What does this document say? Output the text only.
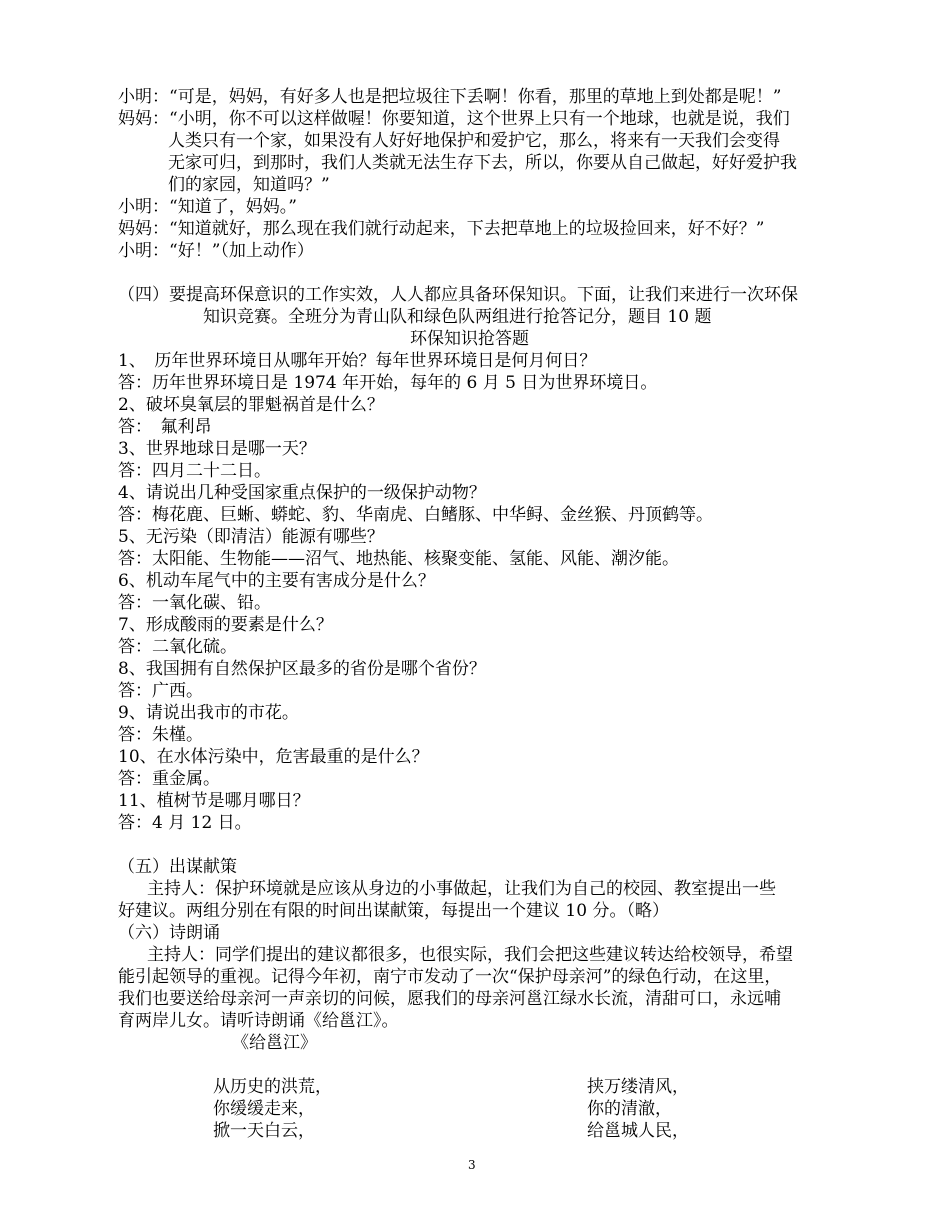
小明：“可是，妈妈，有好多人也是把垃圾往下丢啊！你看，那里的草地上到处都是呢！”
妈妈：“小明，你不可以这样做喔！你要知道，这个世界上只有一个地球，也就是说，我们
人类只有一个家，如果没有人好好地保护和爱护它，那么，将来有一天我们会变得
无家可归，到那时，我们人类就无法生存下去，所以，你要从自己做起，好好爱护我
们的家园，知道吗？”
小明：“知道了，妈妈。”
妈妈：“知道就好，那么现在我们就行动起来，下去把草地上的垃圾捡回来，好不好？”
小明：“好！”（加上动作）
（四）要提高环保意识的工作实效，人人都应具备环保知识。下面，让我们来进行一次环保
知识竞赛。全班分为青山队和绿色队两组进行抢答记分，题目 10 题
环保知识抢答题
1、　历年世界环境日从哪年开始？每年世界环境日是何月何日？
答：历年世界环境日是 1974 年开始，每年的 6 月 5 日为世界环境日。
2、破坏臭氧层的罪魁祸首是什么？
答：　氟利昂
3、世界地球日是哪一天？
答：四月二十二日。
4、请说出几种受国家重点保护的一级保护动物？
答：梅花鹿、巨蜥、蟒蛇、豹、华南虎、白鳍豚、中华鲟、金丝猴、丹顶鹤等。
5、无污染（即清洁）能源有哪些？
答：太阳能、生物能——沼气、地热能、核聚变能、氢能、风能、潮汐能。
6、机动车尾气中的主要有害成分是什么？
答：一氧化碳、铅。
7、形成酸雨的要素是什么？
答：二氧化硫。
8、我国拥有自然保护区最多的省份是哪个省份？
答：广西。
9、请说出我市的市花。
答：朱槿。
10、在水体污染中，危害最重的是什么？
答：重金属。
11、植树节是哪月哪日？
答：4 月 12 日。
（五）出谋献策
主持人：保护环境就是应该从身边的小事做起，让我们为自己的校园、教室提出一些
好建议。两组分别在有限的时间出谋献策，每提出一个建议 10 分。（略）
（六）诗朗诵
主持人：同学们提出的建议都很多，也很实际，我们会把这些建议转达给校领导，希望
能引起领导的重视。记得今年初，南宁市发动了一次“保护母亲河”的绿色行动，在这里，
我们也要送给母亲河一声亲切的问候，愿我们的母亲河邕江绿水长流，清甜可口，永远哺
育两岸儿女。请听诗朗诵《给邕江》。
《给邕江》
从历史的洪荒，
你缓缓走来，
掀一天白云，
挟万缕清风，
你的清澈，
给邕城人民，
3
